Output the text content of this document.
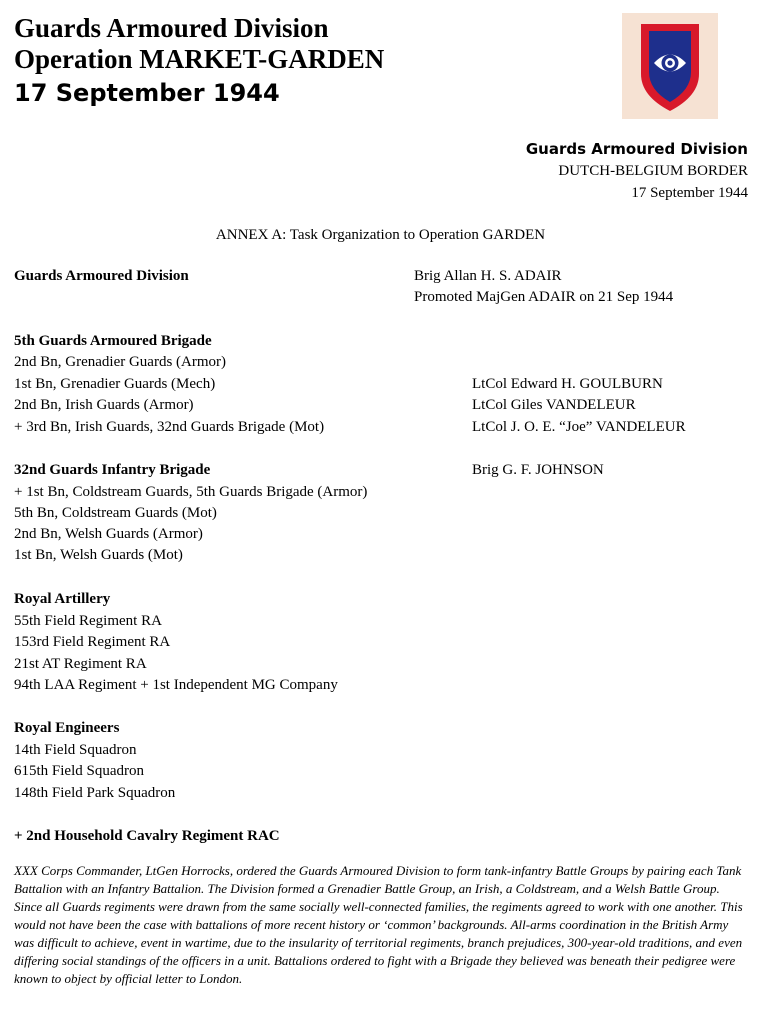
Guards Armoured Division
Operation MARKET-GARDEN
17 September 1944
Guards Armoured Division
DUTCH-BELGIUM BORDER
17 September 1944
ANNEX A: Task Organization to Operation GARDEN
Guards Armoured Division	Brig Allan H. S. ADAIR
Promoted MajGen ADAIR on 21 Sep 1944
5th Guards Armoured Brigade
2nd Bn, Grenadier Guards (Armor)
1st Bn, Grenadier Guards (Mech)	LtCol Edward H. GOULBURN
2nd Bn, Irish Guards (Armor)	LtCol Giles VANDELEUR
+ 3rd Bn, Irish Guards, 32nd Guards Brigade (Mot)	LtCol J. O. E. “Joe” VANDELEUR
32nd Guards Infantry Brigade	Brig G. F. JOHNSON
+ 1st Bn, Coldstream Guards, 5th Guards Brigade (Armor)
5th Bn, Coldstream Guards (Mot)
2nd Bn, Welsh Guards (Armor)
1st Bn, Welsh Guards (Mot)
Royal Artillery
55th Field Regiment RA
153rd Field Regiment RA
21st AT Regiment RA
94th LAA Regiment + 1st Independent MG Company
Royal Engineers
14th Field Squadron
615th Field Squadron
148th Field Park Squadron
+ 2nd Household Cavalry Regiment RAC
XXX Corps Commander, LtGen Horrocks, ordered the Guards Armoured Division to form tank-infantry Battle Groups by pairing each Tank Battalion with an Infantry Battalion. The Division formed a Grenadier Battle Group, an Irish, a Coldstream, and a Welsh Battle Group. Since all Guards regiments were drawn from the same socially well-connected families, the regiments agreed to work with one another. This would not have been the case with battalions of more recent history or ‘common’ backgrounds. All-arms coordination in the British Army was difficult to achieve, event in wartime, due to the insularity of territorial regiments, branch prejudices, 300-year-old traditions, and even differing social standings of the officers in a unit. Battalions ordered to fight with a Brigade they believed was beneath their pedigree were known to object by official letter to London.
